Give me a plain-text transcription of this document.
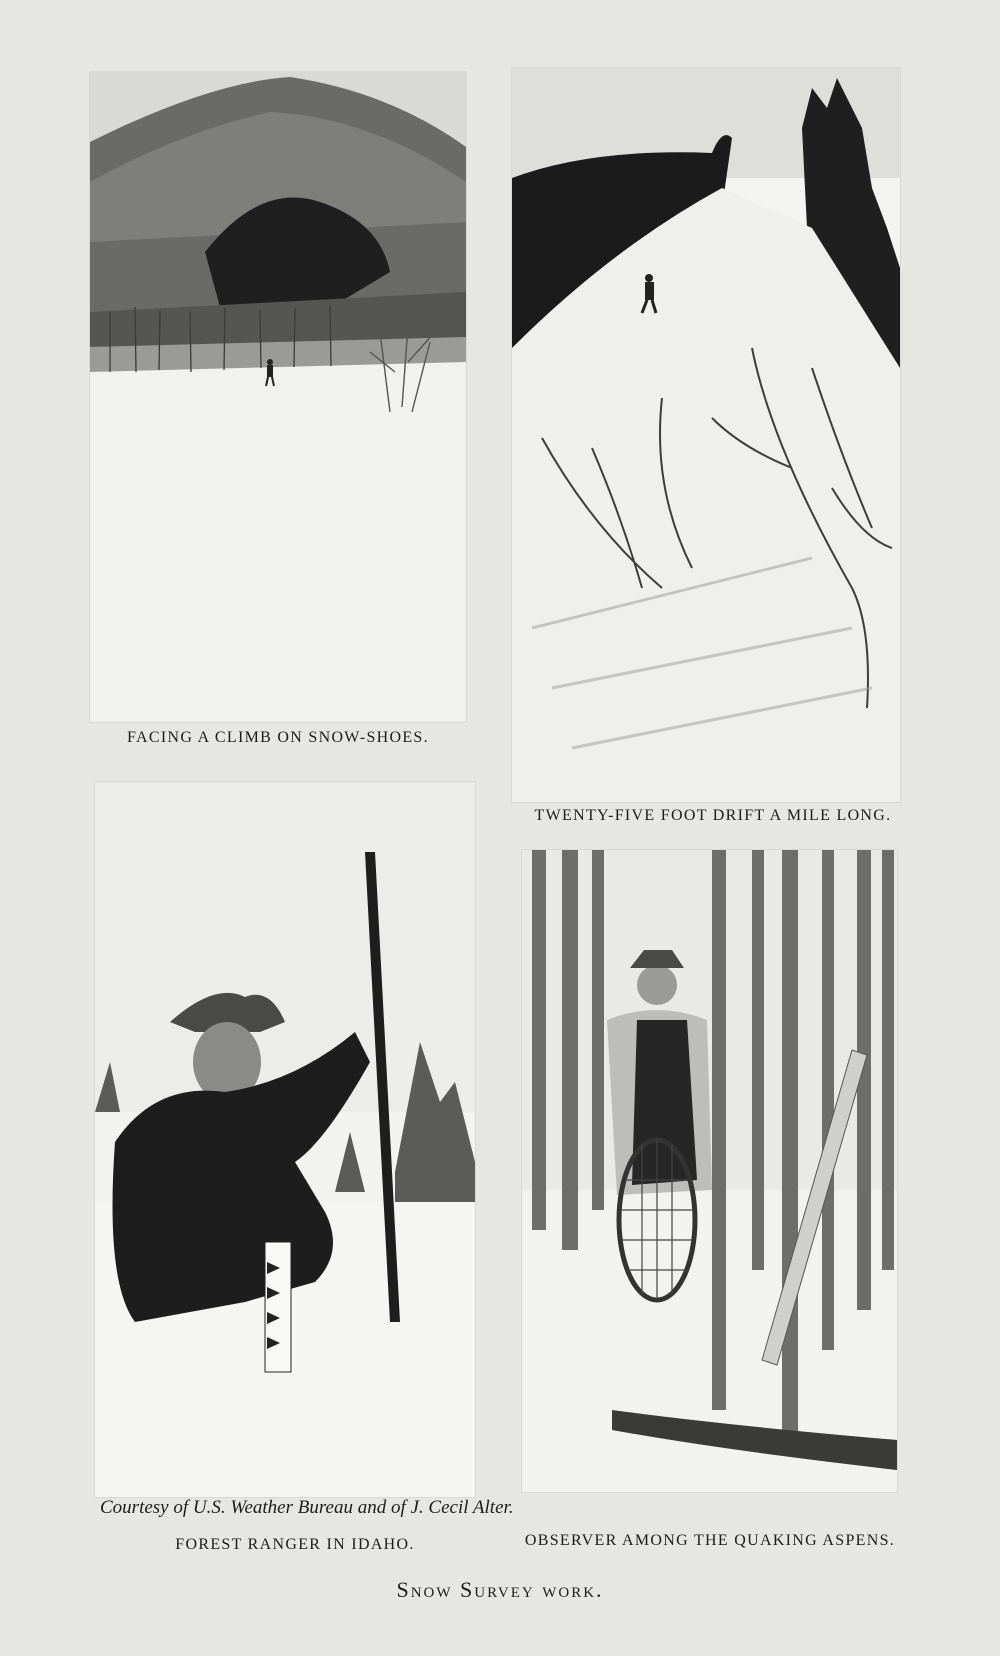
FACING A CLIMB ON SNOW-SHOES.
TWENTY-FIVE FOOT DRIFT A MILE LONG.
Courtesy of U.S. Weather Bureau and of J. Cecil Alter.
FOREST RANGER IN IDAHO.	OBSERVER AMONG THE QUAKING ASPENS.
Snow Survey work.
